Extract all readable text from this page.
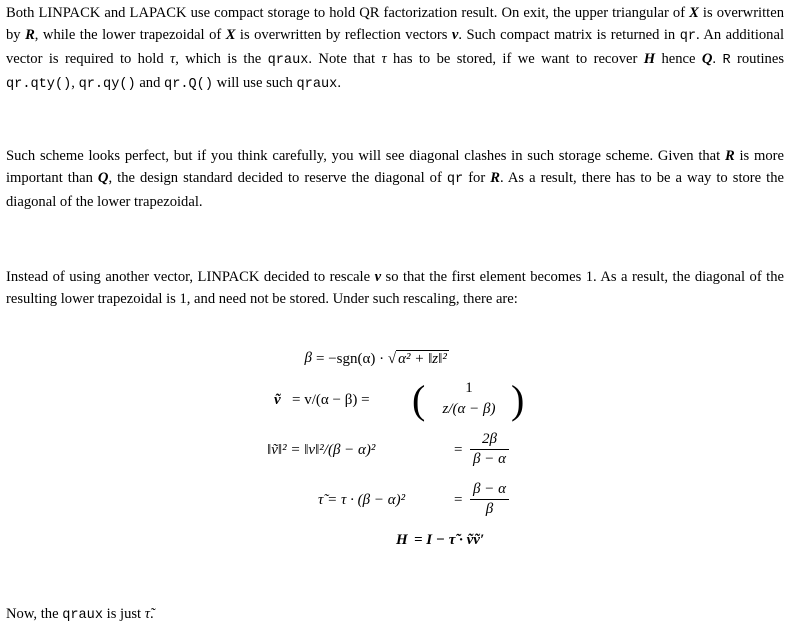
Both LINPACK and LAPACK use compact storage to hold QR factorization result. On exit, the upper triangular of X is overwritten by R, while the lower trapezoidal of X is overwritten by reflection vectors v. Such compact matrix is returned in qr. An additional vector is required to hold τ, which is the qraux. Note that τ has to be stored, if we want to recover H hence Q. R routines qr.qty(), qr.qy() and qr.Q() will use such qraux.
Such scheme looks perfect, but if you think carefully, you will see diagonal clashes in such storage scheme. Given that R is more important than Q, the design standard decided to reserve the diagonal of qr for R. As a result, there has to be a way to store the diagonal of the lower trapezoidal.
Instead of using another vector, LINPACK decided to rescale v so that the first element becomes 1. As a result, the diagonal of the resulting lower trapezoidal is 1, and need not be stored. Under such rescaling, there are:
β = −sgn(α) · √ α² + ‖z‖²
ṽ = v/(α − β) = (	1
z/(α − β) )
‖ṽ‖² = ‖v‖²/(β − α)²	= $\frac{2\beta}{\beta - \alpha}$
τ̃ = τ · (β − α)²	= $\frac{\beta - \alpha}{\beta}$
H = I − τ̃ · ṽṽ′
Now, the qraux is just τ̃.
